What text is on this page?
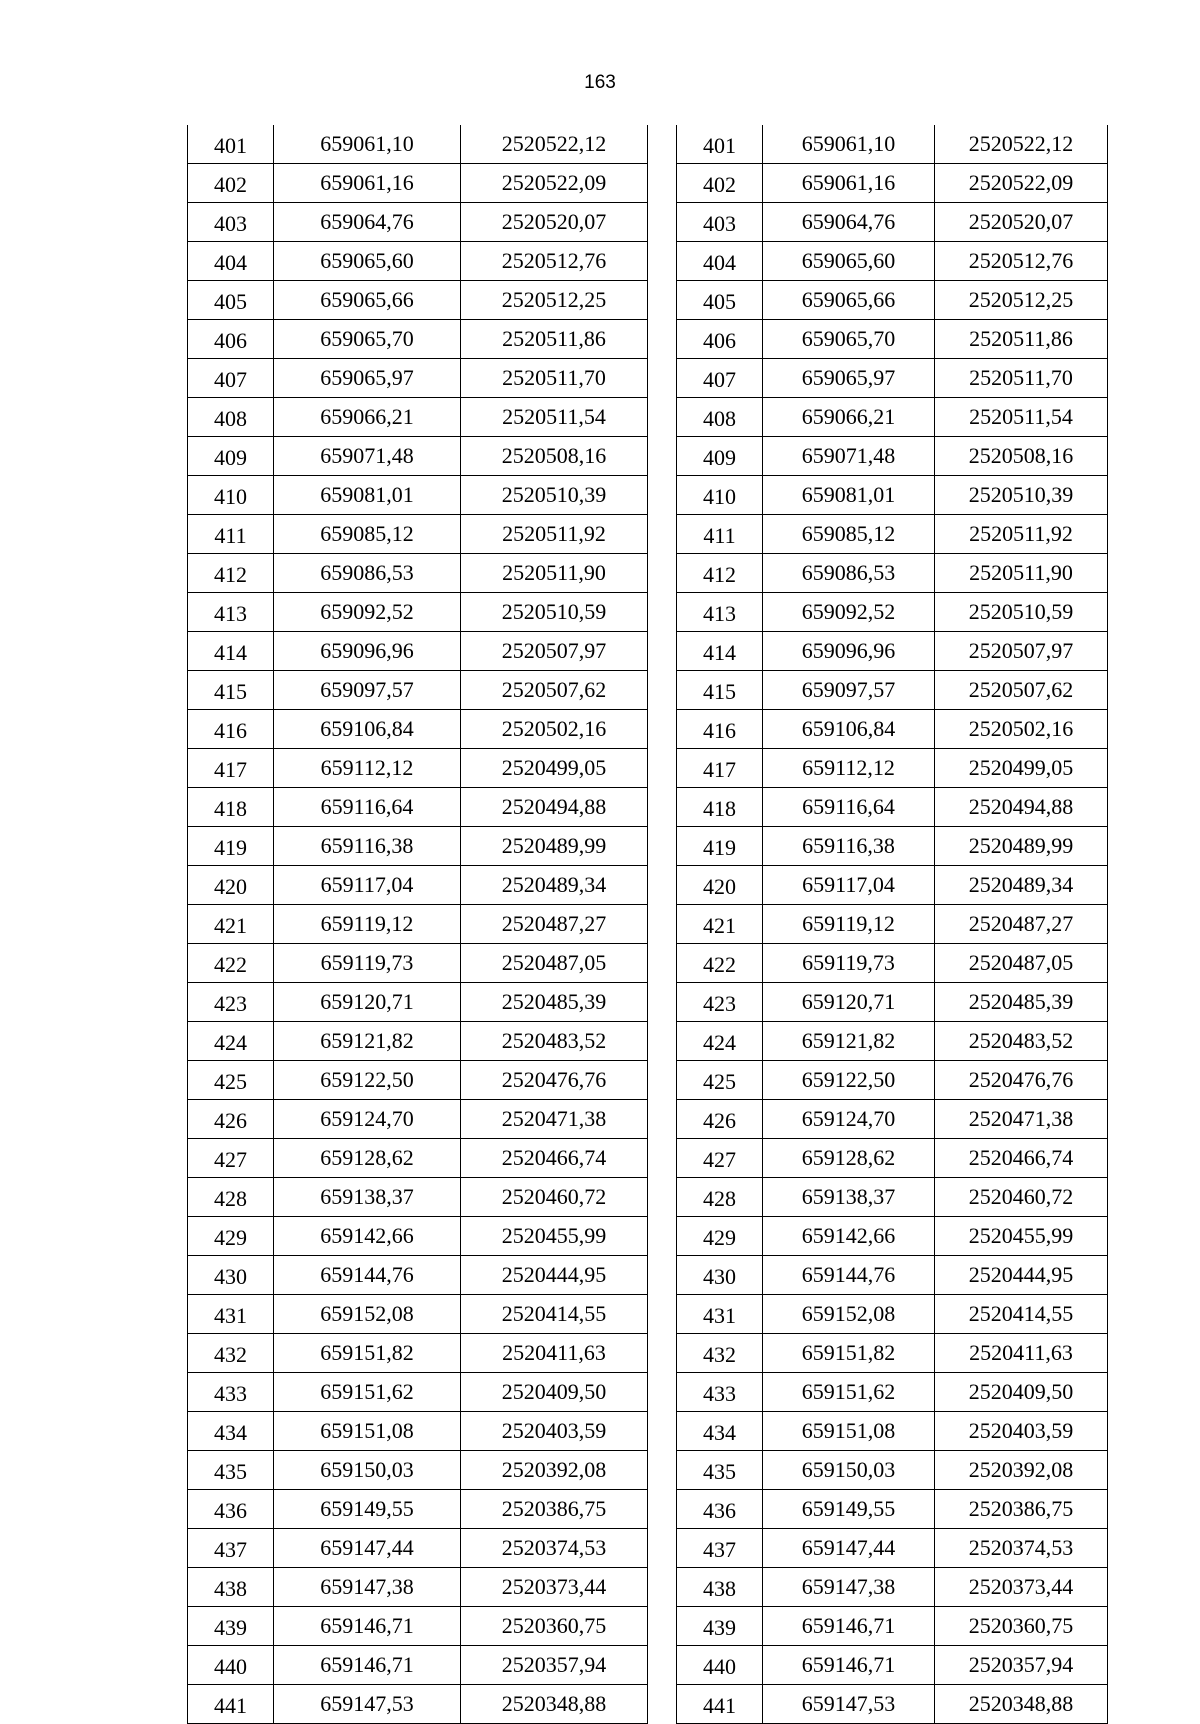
163
401	659061,10	2520522,12
402	659061,16	2520522,09
403	659064,76	2520520,07
404	659065,60	2520512,76
405	659065,66	2520512,25
406	659065,70	2520511,86
407	659065,97	2520511,70
408	659066,21	2520511,54
409	659071,48	2520508,16
410	659081,01	2520510,39
411	659085,12	2520511,92
412	659086,53	2520511,90
413	659092,52	2520510,59
414	659096,96	2520507,97
415	659097,57	2520507,62
416	659106,84	2520502,16
417	659112,12	2520499,05
418	659116,64	2520494,88
419	659116,38	2520489,99
420	659117,04	2520489,34
421	659119,12	2520487,27
422	659119,73	2520487,05
423	659120,71	2520485,39
424	659121,82	2520483,52
425	659122,50	2520476,76
426	659124,70	2520471,38
427	659128,62	2520466,74
428	659138,37	2520460,72
429	659142,66	2520455,99
430	659144,76	2520444,95
431	659152,08	2520414,55
432	659151,82	2520411,63
433	659151,62	2520409,50
434	659151,08	2520403,59
435	659150,03	2520392,08
436	659149,55	2520386,75
437	659147,44	2520374,53
438	659147,38	2520373,44
439	659146,71	2520360,75
440	659146,71	2520357,94
441	659147,53	2520348,88
401	659061,10	2520522,12
402	659061,16	2520522,09
403	659064,76	2520520,07
404	659065,60	2520512,76
405	659065,66	2520512,25
406	659065,70	2520511,86
407	659065,97	2520511,70
408	659066,21	2520511,54
409	659071,48	2520508,16
410	659081,01	2520510,39
411	659085,12	2520511,92
412	659086,53	2520511,90
413	659092,52	2520510,59
414	659096,96	2520507,97
415	659097,57	2520507,62
416	659106,84	2520502,16
417	659112,12	2520499,05
418	659116,64	2520494,88
419	659116,38	2520489,99
420	659117,04	2520489,34
421	659119,12	2520487,27
422	659119,73	2520487,05
423	659120,71	2520485,39
424	659121,82	2520483,52
425	659122,50	2520476,76
426	659124,70	2520471,38
427	659128,62	2520466,74
428	659138,37	2520460,72
429	659142,66	2520455,99
430	659144,76	2520444,95
431	659152,08	2520414,55
432	659151,82	2520411,63
433	659151,62	2520409,50
434	659151,08	2520403,59
435	659150,03	2520392,08
436	659149,55	2520386,75
437	659147,44	2520374,53
438	659147,38	2520373,44
439	659146,71	2520360,75
440	659146,71	2520357,94
441	659147,53	2520348,88
